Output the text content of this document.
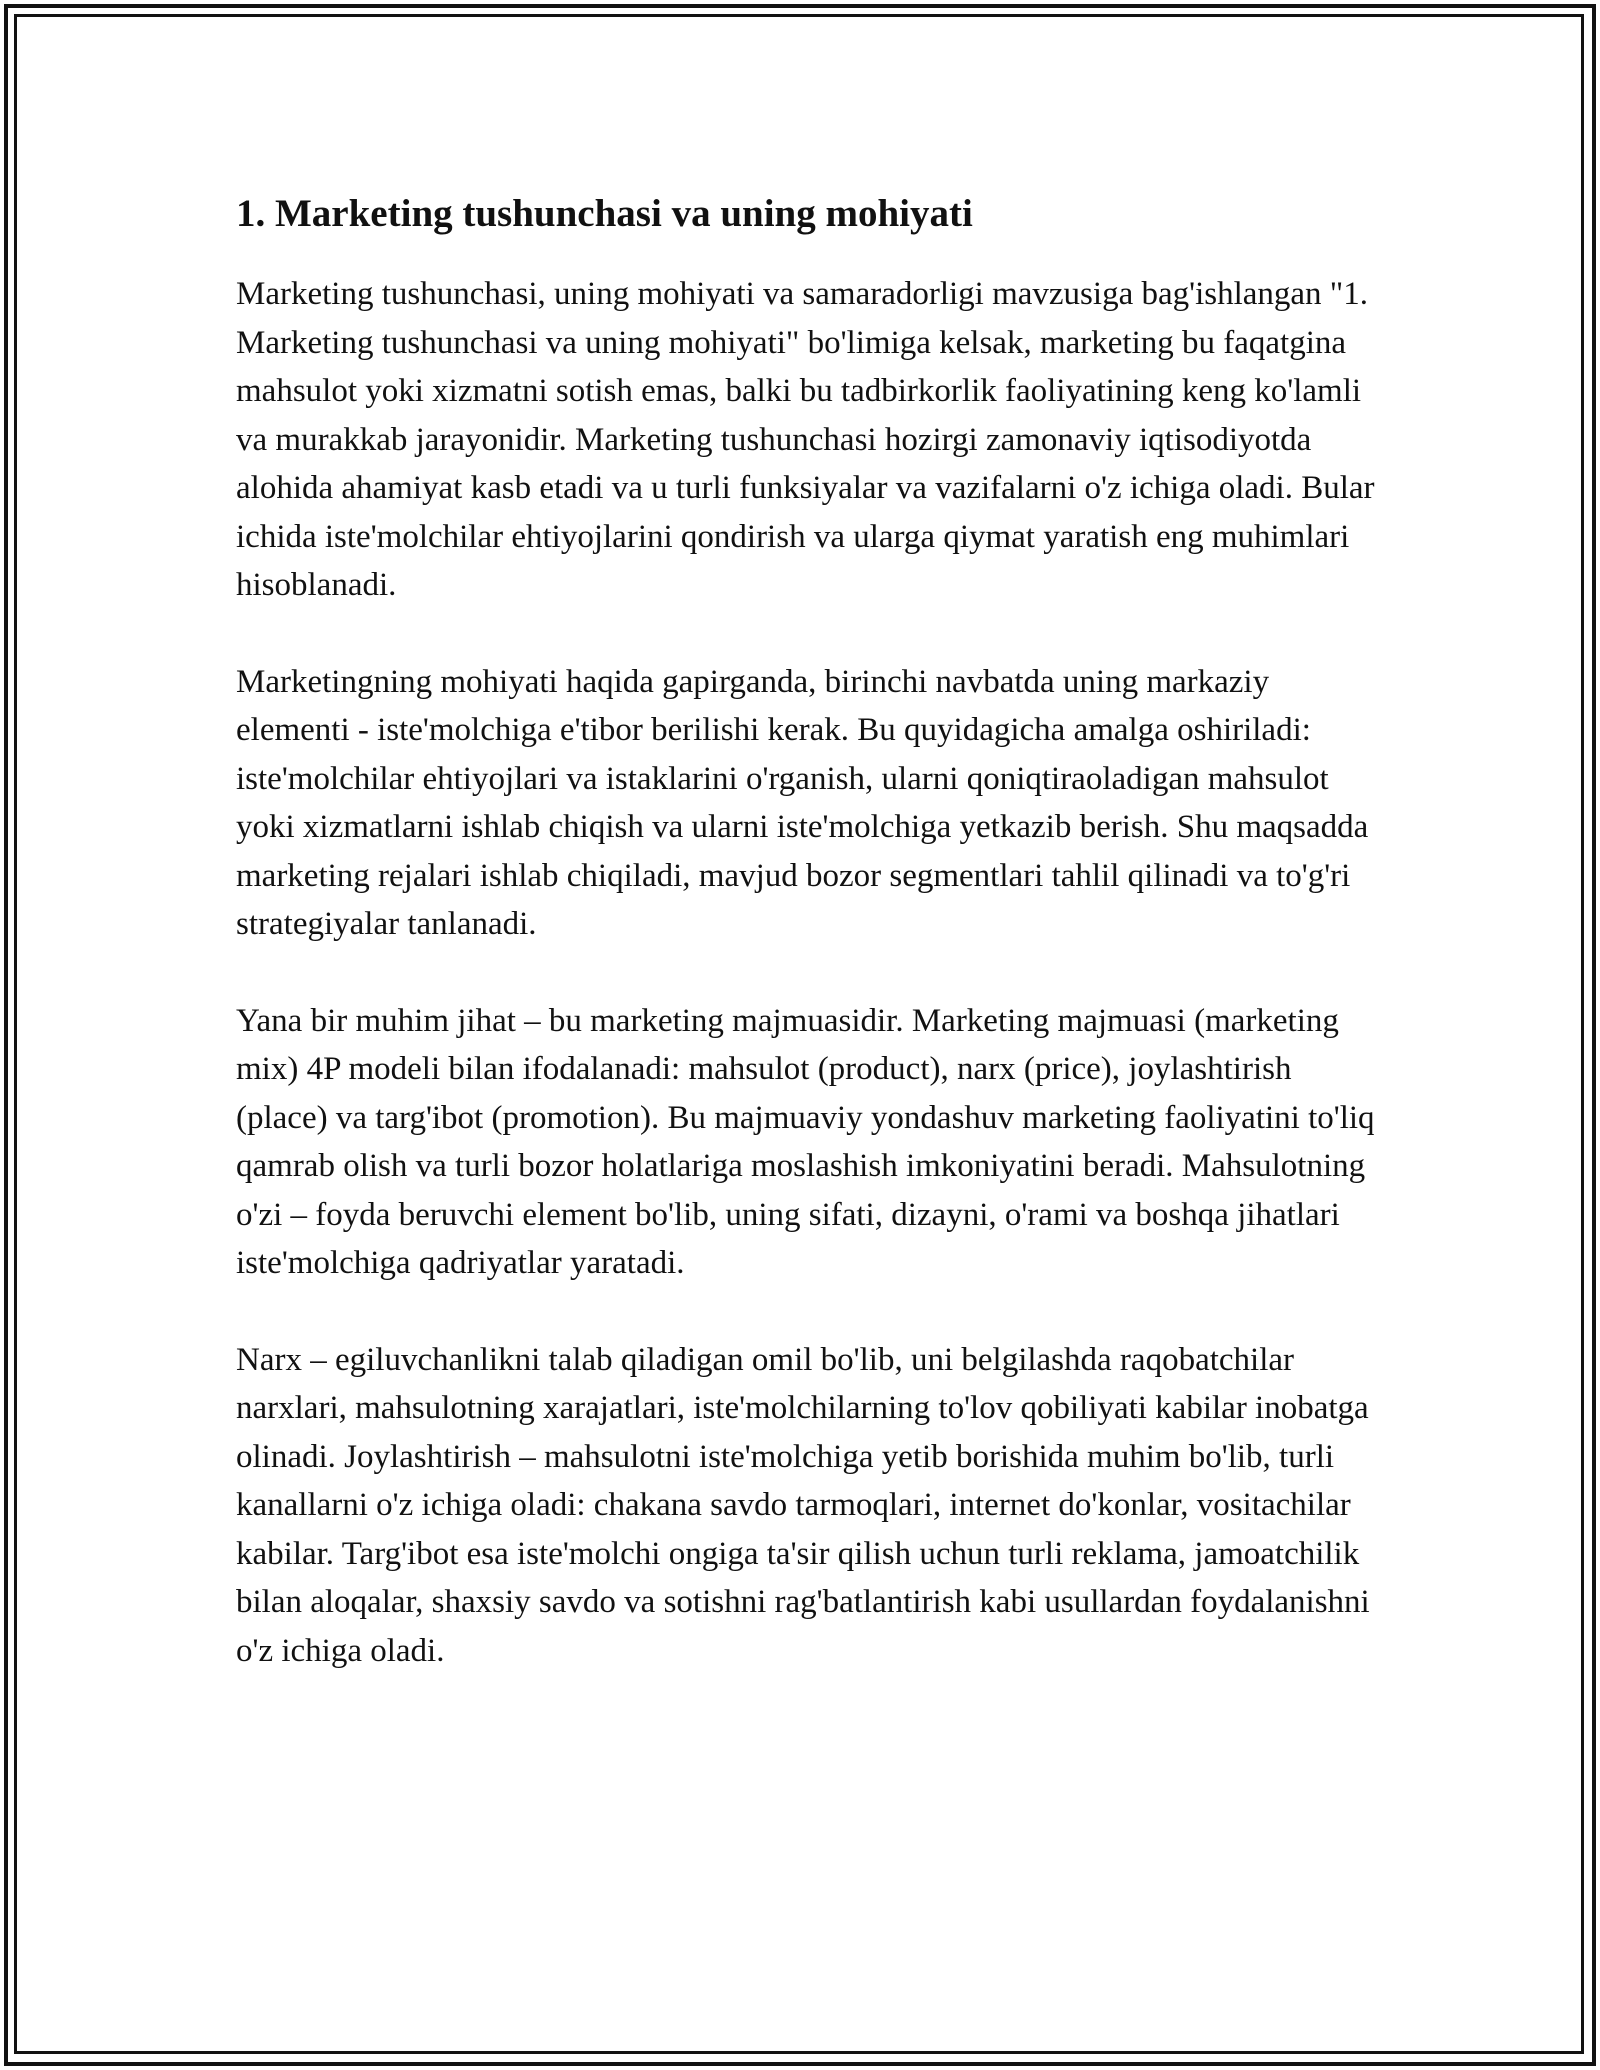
1. Marketing tushunchasi va uning mohiyati

Marketing tushunchasi, uning mohiyati va samaradorligi mavzusiga bag'ishlangan "1. Marketing tushunchasi va uning mohiyati" bo'limiga kelsak, marketing bu faqatgina mahsulot yoki xizmatni sotish emas, balki bu tadbirkorlik faoliyatining keng ko'lamli va murakkab jarayonidir. Marketing tushunchasi hozirgi zamonaviy iqtisodiyotda alohida ahamiyat kasb etadi va u turli funksiyalar va vazifalarni o'z ichiga oladi. Bular ichida iste'molchilar ehtiyojlarini qondirish va ularga qiymat yaratish eng muhimlari hisoblanadi.

Marketingning mohiyati haqida gapirganda, birinchi navbatda uning markaziy elementi - iste'molchiga e'tibor berilishi kerak. Bu quyidagicha amalga oshiriladi: iste'molchilar ehtiyojlari va istaklarini o'rganish, ularni qoniqtiraoladigan mahsulot yoki xizmatlarni ishlab chiqish va ularni iste'molchiga yetkazib berish. Shu maqsadda marketing rejalari ishlab chiqiladi, mavjud bozor segmentlari tahlil qilinadi va to'g'ri strategiyalar tanlanadi.

Yana bir muhim jihat – bu marketing majmuasidir. Marketing majmuasi (marketing mix) 4P modeli bilan ifodalanadi: mahsulot (product), narx (price), joylashtirish (place) va targ'ibot (promotion). Bu majmuaviy yondashuv marketing faoliyatini to'liq qamrab olish va turli bozor holatlariga moslashish imkoniyatini beradi. Mahsulotning o'zi – foyda beruvchi element bo'lib, uning sifati, dizayni, o'rami va boshqa jihatlari iste'molchiga qadriyatlar yaratadi.

Narx – egiluvchanlikni talab qiladigan omil bo'lib, uni belgilashda raqobatchilar narxlari, mahsulotning xarajatlari, iste'molchilarning to'lov qobiliyati kabilar inobatga olinadi. Joylashtirish – mahsulotni iste'molchiga yetib borishida muhim bo'lib, turli kanallarni o'z ichiga oladi: chakana savdo tarmoqlari, internet do'konlar, vositachilar kabilar. Targ'ibot esa iste'molchi ongiga ta'sir qilish uchun turli reklama, jamoatchilik bilan aloqalar, shaxsiy savdo va sotishni rag'batlantirish kabi usullardan foydalanishni o'z ichiga oladi.
